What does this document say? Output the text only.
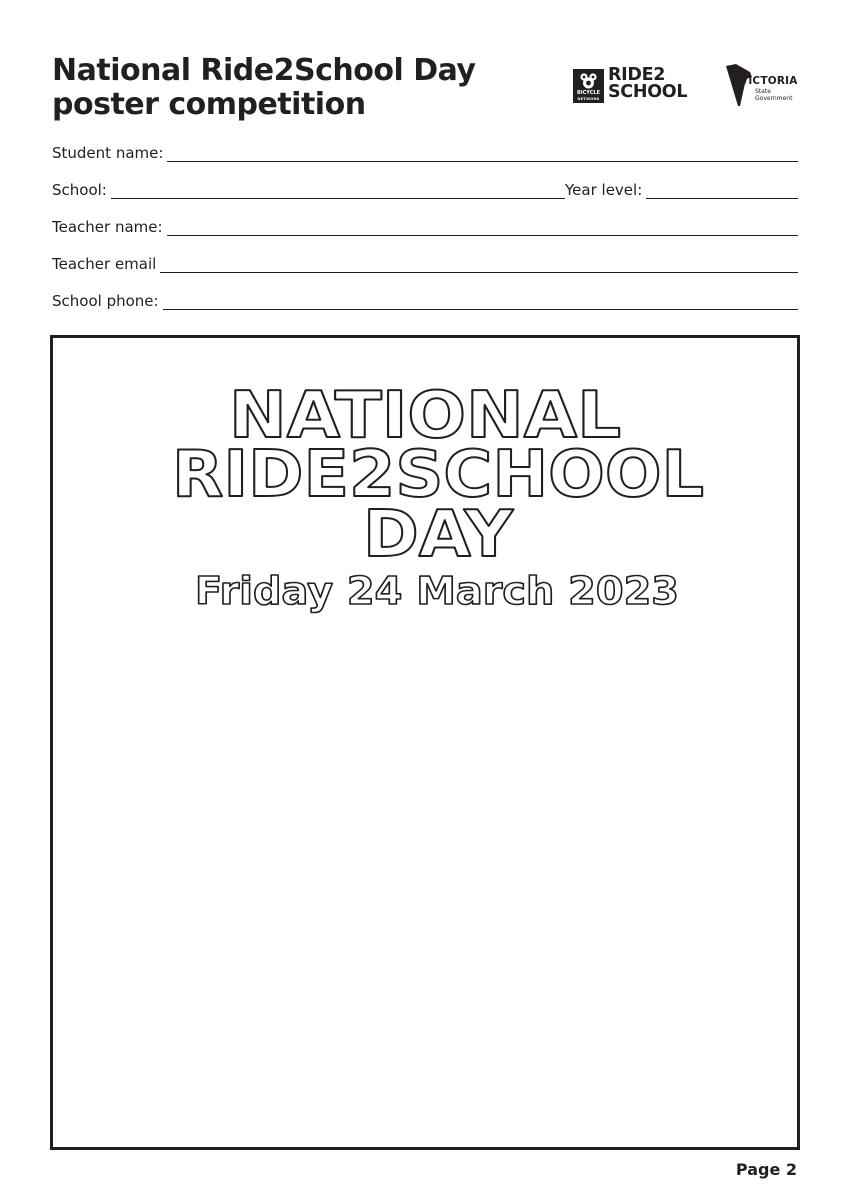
National Ride2School Day
poster competition	BICYCLE
NETWORK
RIDE2
SCHOOL
VICTORIA
State
Government
Student name:
School:	Year level:
Teacher name:
Teacher email
School phone:
NATIONAL
RIDE2SCHOOL
DAY
Friday 24 March 2023
Page 2
